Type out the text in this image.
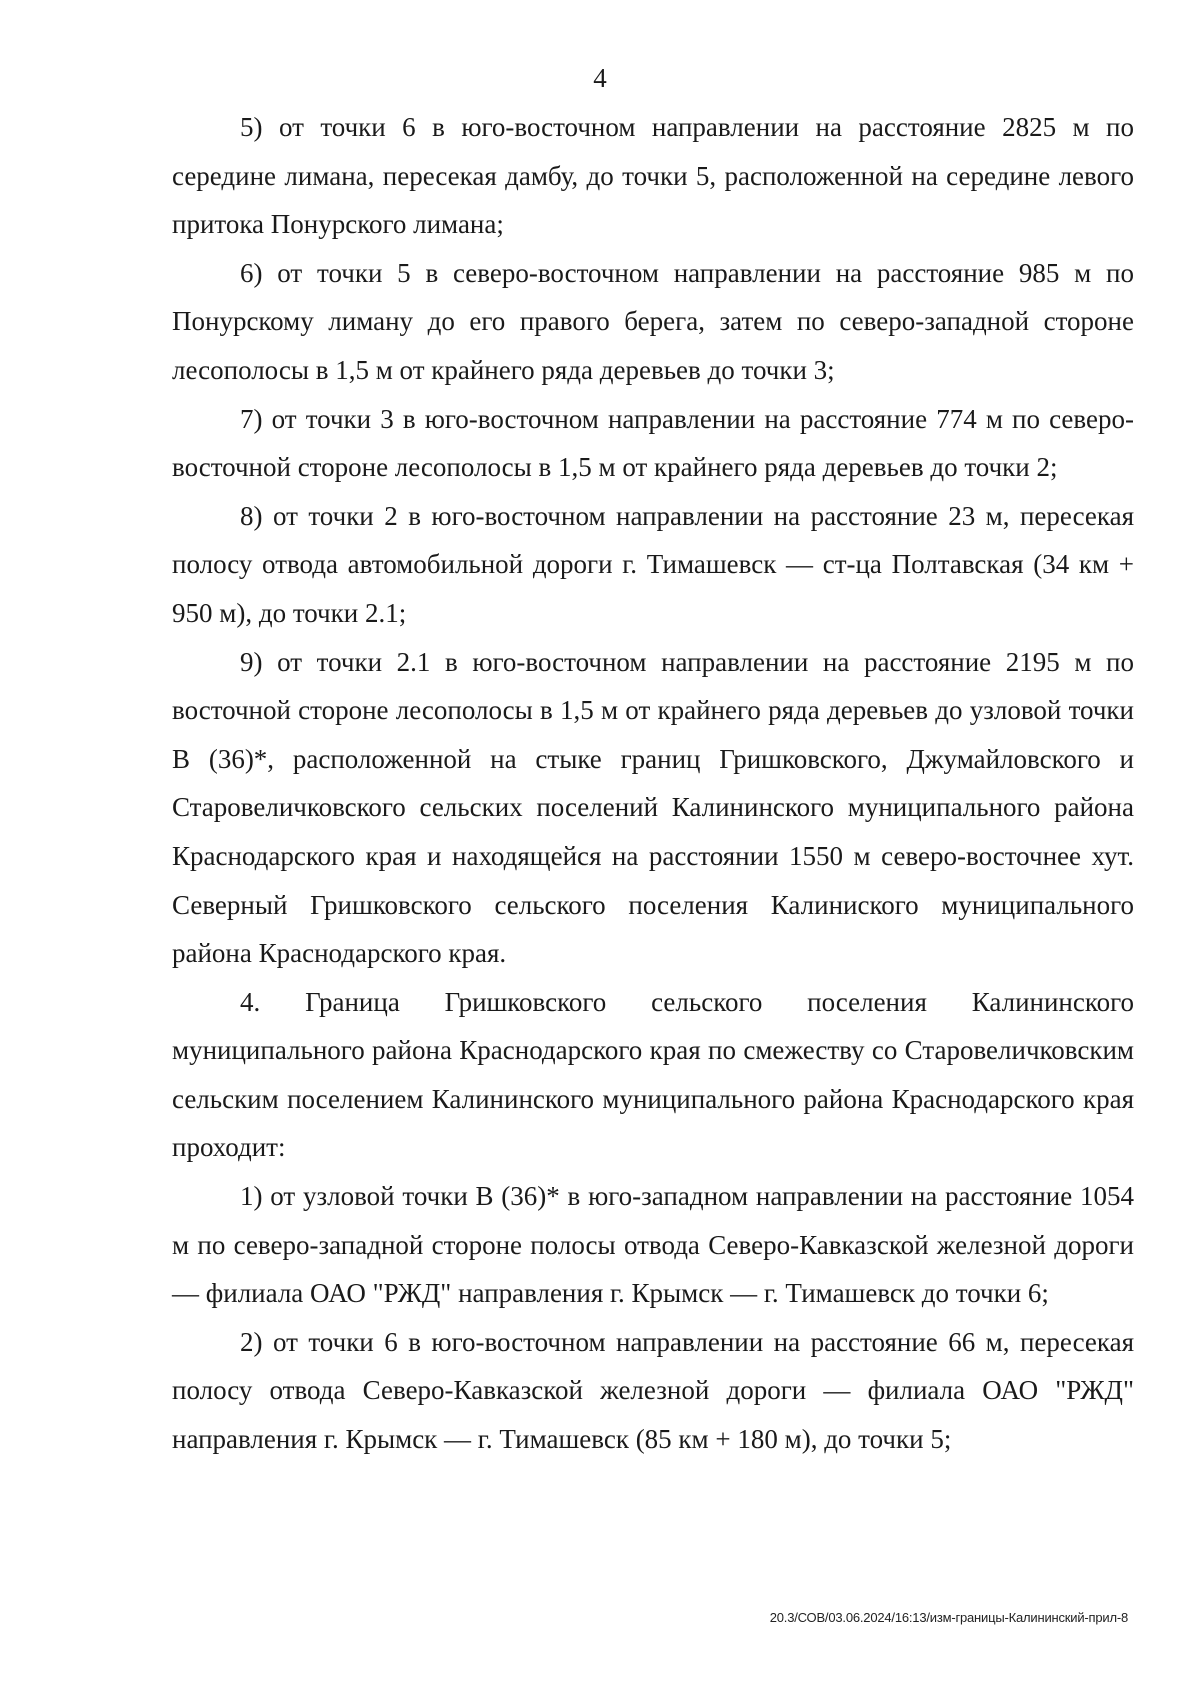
4

5) от точки 6 в юго-восточном направлении на расстояние 2825 м по середине лимана, пересекая дамбу, до точки 5, расположенной на середине левого притока Понурского лимана;

6) от точки 5 в северо-восточном направлении на расстояние 985 м по Понурскому лиману до его правого берега, затем по северо-западной стороне лесополосы в 1,5 м от крайнего ряда деревьев до точки 3;

7) от точки 3 в юго-восточном направлении на расстояние 774 м по северо-восточной стороне лесополосы в 1,5 м от крайнего ряда деревьев до точки 2;

8) от точки 2 в юго-восточном направлении на расстояние 23 м, пересекая полосу отвода автомобильной дороги г. Тимашевск — ст-ца Полтавская (34 км + 950 м), до точки 2.1;

9) от точки 2.1 в юго-восточном направлении на расстояние 2195 м по восточной стороне лесополосы в 1,5 м от крайнего ряда деревьев до узловой точки В (36)*, расположенной на стыке границ Гришковского, Джумайловского и Старовеличковского сельских поселений Калининского муниципального района Краснодарского края и находящейся на расстоянии 1550 м северо-восточнее хут. Северный Гришковского сельского поселения Калиниского муниципального района Краснодарского края.

4. Граница Гришковского сельского поселения Калининского муниципального района Краснодарского края по смежеству со Старовеличковским сельским поселением Калининского муниципального района Краснодарского края проходит:

1) от узловой точки В (36)* в юго-западном направлении на расстояние 1054 м по северо-западной стороне полосы отвода Северо-Кавказской железной дороги — филиала ОАО "РЖД" направления г. Крымск — г. Тимашевск до точки 6;

2) от точки 6 в юго-восточном направлении на расстояние 66 м, пересекая полосу отвода Северо-Кавказской железной дороги — филиала ОАО "РЖД" направления г. Крымск — г. Тимашевск (85 км + 180 м), до точки 5;

20.3/СОВ/03.06.2024/16:13/изм-границы-Калининский-прил-8
